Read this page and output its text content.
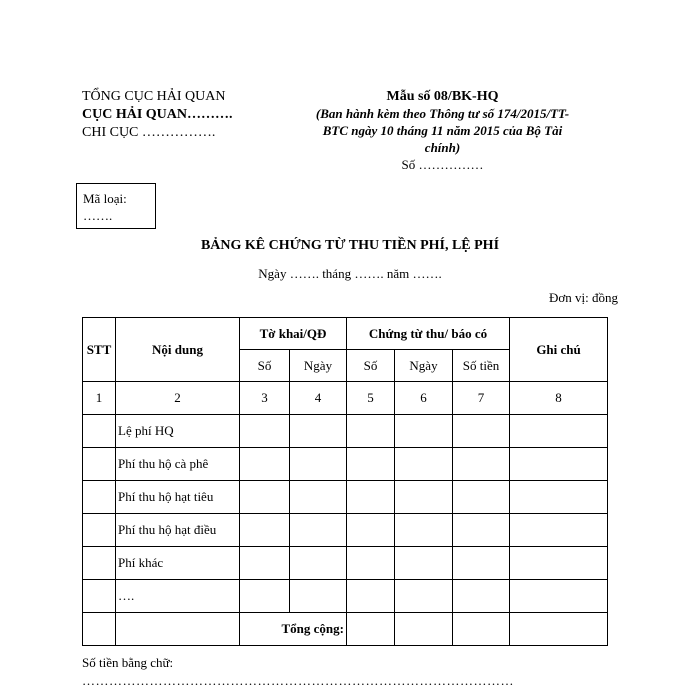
TỔNG CỤC HẢI QUAN
CỤC HẢI QUAN……….
CHI CỤC …………….
Mẫu số 08/BK-HQ
(Ban hành kèm theo Thông tư số 174/2015/TT-BTC ngày 10 tháng 11 năm 2015 của Bộ Tài chính)
Số ……………
Mã loại:
…….
BẢNG KÊ CHỨNG TỪ THU TIỀN PHÍ, LỆ PHÍ
Ngày ……. tháng ……. năm …….
Đơn vị: đồng
STT	Nội dung	Tờ khai/QĐ		Chứng từ thu/ báo có			Ghi chú
		Số	Ngày	Số	Ngày	Số tiền	
1	2	3	4	5	6	7	8
	Lệ phí HQ						
	Phí thu hộ cà phê						
	Phí thu hộ hạt tiêu						
	Phí thu hộ hạt điều						
	Phí khác						
	….						
		Tổng cộng:					
Số tiền bằng chữ:
……………………………………………………………………………………
